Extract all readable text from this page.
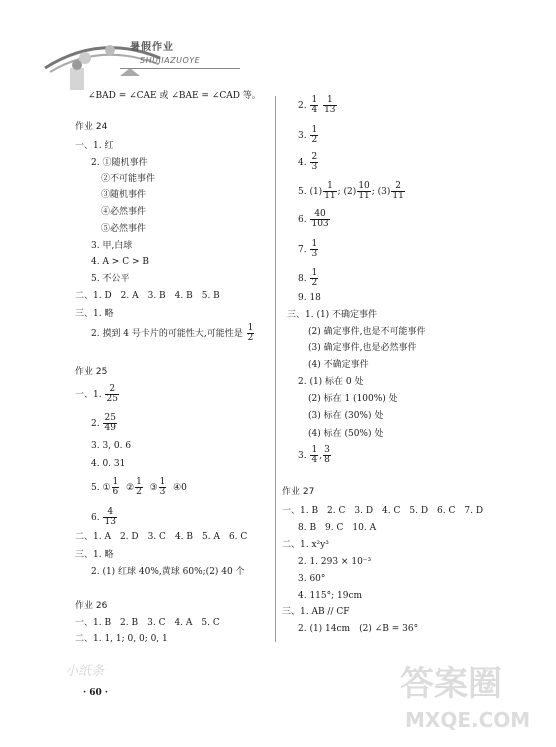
暑假作业
SHUJIAZUOYE
∠BAD = ∠CAE 或 ∠BAE = ∠CAD 等。
作业 24
一、1. 红
2. ①随机事件
②不可能事件
③随机事件
④必然事件
⑤必然事件
3. 甲,白球
4. A > C > B
5. 不公平
二、1. D　2. A　3. B　4. B　5. B
三、1. 略
2. 摸到 4 号卡片的可能性大,可能性是 $\frac{1}{2}$
作业 25
一、1. $\frac{2}{25}$
2. $\frac{25}{49}$
3. 3, 0. 6
4. 0. 31
5. ① $\frac{1}{6}$ ② $\frac{1}{2}$ ③ $\frac{1}{3}$ ④0
6. $\frac{4}{13}$
二、1. A　2. D　3. C　4. B　5. A　6. C
三、1. 略
2. (1) 红球 40%,黄球 60%;(2) 40 个
作业 26
一、1. B　2. B　3. C　4. A　5. C
二、1. 1, 1; 0, 0; 0, 1
小纸条
· 60 ·
2. $\frac{1}{4}$
$\frac{1}{13}$
3. $\frac{1}{2}$
4. $\frac{2}{3}$
5. $(1) \frac{1}{11}$ ; $(2) \frac{10}{11}$ ; $(3) \frac{2}{11}$
6. $\frac{40}{103}$
7. $\frac{1}{3}$
8. $\frac{1}{2}$
9. 18
三、1. (1) 不确定事件
(2) 确定事件,也是不可能事件
(3) 确定事件,也是必然事件
(4) 不确定事件
2. (1) 标在 0 处
(2) 标在 1 (100%) 处
(3) 标在 (30%) 处
(4) 标在 (50%) 处
3. $\frac{1}{4}$ , $\frac{3}{8}$
作业 27
一、1. B　2. C　3. D　4. C　5. D　6. C　7. D
8. B　9. C　10. A
二、1. x²y³
2. 1. 293 × 10⁻³
3. 60°
4. 115°; 19cm
三、1. AB // CF
2. (1) 14cm　(2) ∠B = 36°
答案圈
MXQE.COM
